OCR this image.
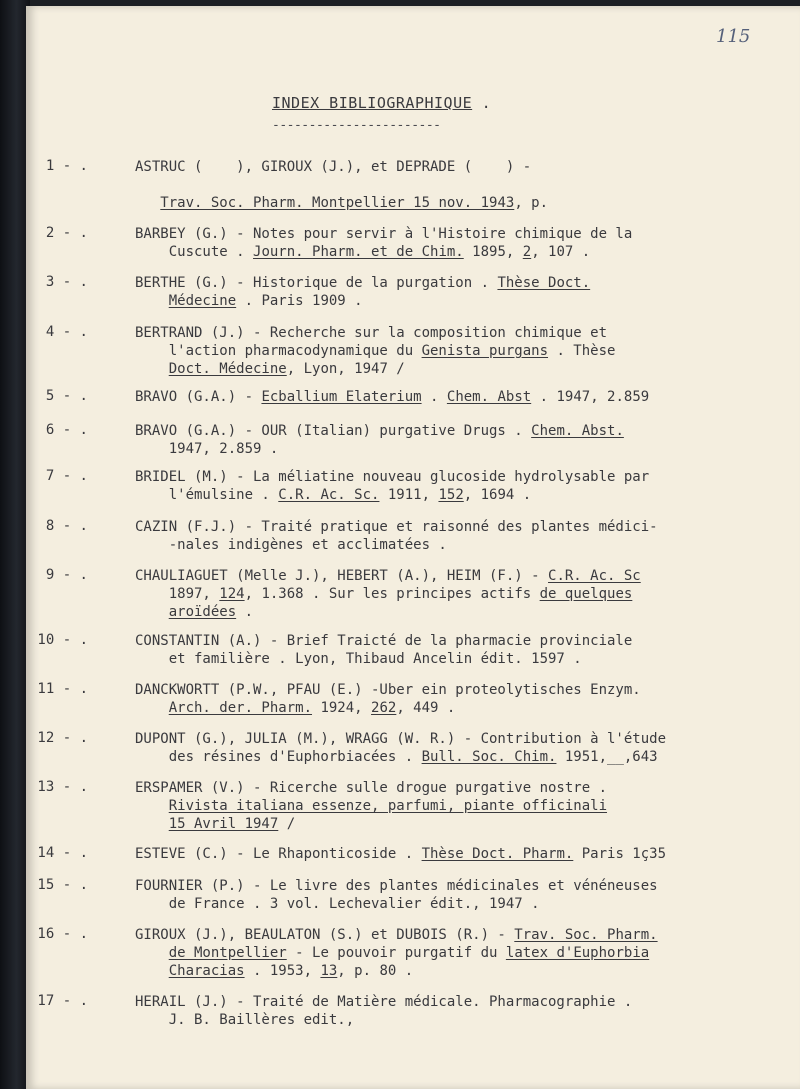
115
INDEX BIBLIOGRAPHIQUE .
-----------------------
1 - .	ASTRUC (    ), GIROUX (J.), et DEPRADE (    ) -
Trav. Soc. Pharm. Montpellier 15 nov. 1943, p.
2 - .	BARBEY (G.) - Notes pour servir à l'Histoire chimique de la
Cuscute . Journ. Pharm. et de Chim. 1895, 2, 107 .
3 - .	BERTHE (G.) - Historique de la purgation . Thèse Doct.
Médecine . Paris 1909 .
4 - .	BERTRAND (J.) - Recherche sur la composition chimique et
l'action pharmacodynamique du Genista purgans . Thèse
Doct. Médecine, Lyon, 1947 /
5 - .	BRAVO (G.A.) - Ecballium Elaterium . Chem. Abst . 1947, 2.859
6 - .	BRAVO (G.A.) - OUR (Italian) purgative Drugs . Chem. Abst.
1947, 2.859 .
7 - .	BRIDEL (M.) - La méliatine nouveau glucoside hydrolysable par
l'émulsine . C.R. Ac. Sc. 1911, 152, 1694 .
8 - .	CAZIN (F.J.) - Traité pratique et raisonné des plantes médici-
-nales indigènes et acclimatées .
9 - .	CHAULIAGUET (Melle J.), HEBERT (A.), HEIM (F.) - C.R. Ac. Sc
1897, 124, 1.368 . Sur les principes actifs de quelques
aroïdées .
10 - .	CONSTANTIN (A.) - Brief Traicté de la pharmacie provinciale
et familière . Lyon, Thibaud Ancelin édit. 1597 .
11 - .	DANCKWORTT (P.W., PFAU (E.) -Uber ein proteolytisches Enzym.
Arch. der. Pharm. 1924, 262, 449 .
12 - .	DUPONT (G.), JULIA (M.), WRAGG (W. R.) - Contribution à l'étude
des résines d'Euphorbiacées . Bull. Soc. Chim. 1951,__,643
13 - .	ERSPAMER (V.) - Ricerche sulle drogue purgative nostre .
Rivista italiana essenze, parfumi, piante officinali
15 Avril 1947 /
14 - .	ESTEVE (C.) - Le Rhaponticoside . Thèse Doct. Pharm. Paris 1ç35
15 - .	FOURNIER (P.) - Le livre des plantes médicinales et vénéneuses
de France . 3 vol. Lechevalier édit., 1947 .
16 - .	GIROUX (J.), BEAULATON (S.) et DUBOIS (R.) - Trav. Soc. Pharm.
de Montpellier - Le pouvoir purgatif du latex d'Euphorbia
Characias . 1953, 13, p. 80 .
17 - .	HERAIL (J.) - Traité de Matière médicale. Pharmacographie .
J. B. Baillères edit.,
